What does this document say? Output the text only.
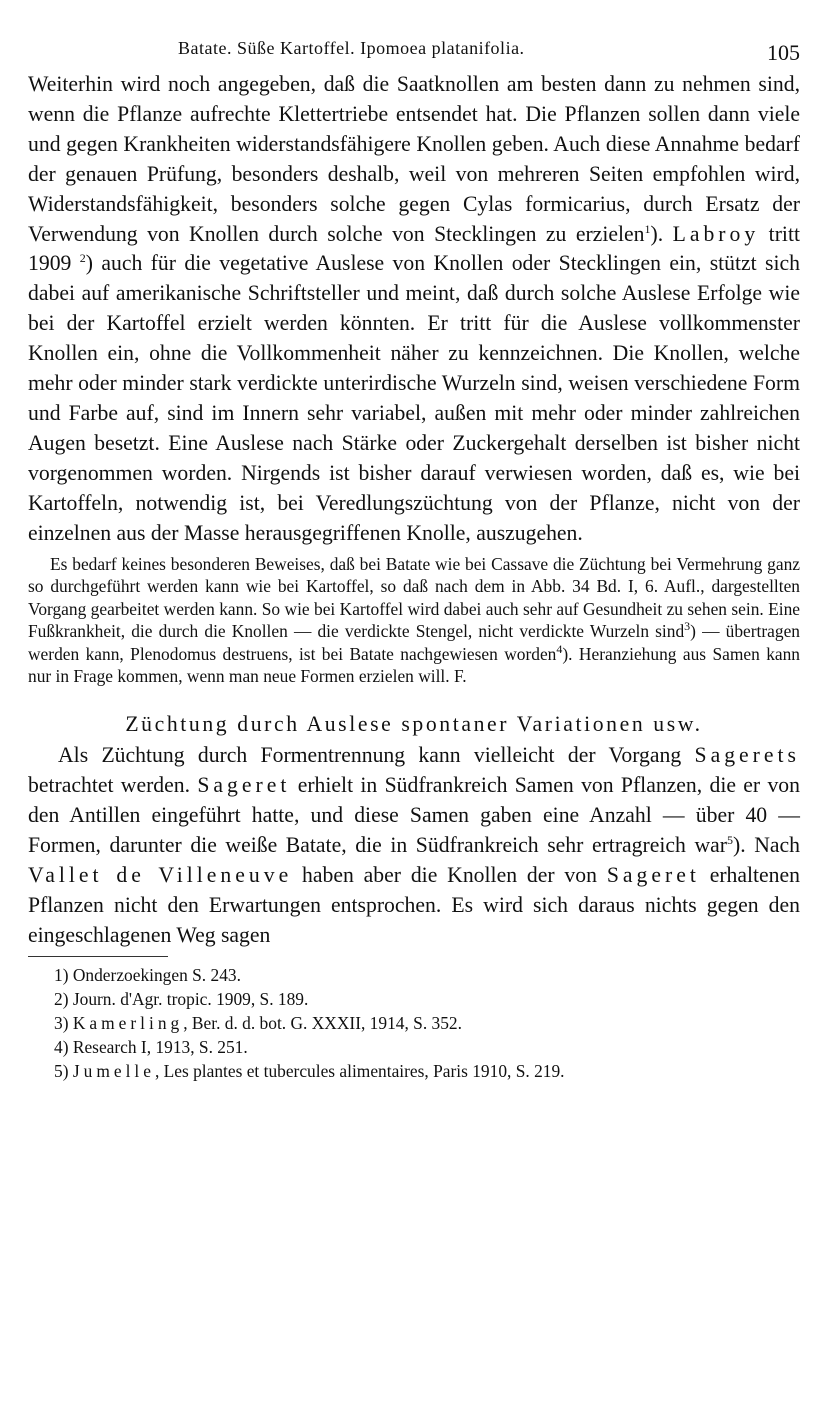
Batate. Süße Kartoffel. Ipomoea platanifolia.	105

Weiterhin wird noch angegeben, daß die Saatknollen am besten dann zu nehmen sind, wenn die Pflanze aufrechte Klettertriebe entsendet hat. Die Pflanzen sollen dann viele und gegen Krankheiten widerstandsfähigere Knollen geben. Auch diese Annahme bedarf der genauen Prüfung, besonders deshalb, weil von mehreren Seiten empfohlen wird, Widerstandsfähigkeit, besonders solche gegen Cylas formicarius, durch Ersatz der Verwendung von Knollen durch solche von Stecklingen zu erzielen$^1$). Labroy tritt 1909 $^2$) auch für die vegetative Auslese von Knollen oder Stecklingen ein, stützt sich dabei auf amerikanische Schriftsteller und meint, daß durch solche Auslese Erfolge wie bei der Kartoffel erzielt werden könnten. Er tritt für die Auslese vollkommenster Knollen ein, ohne die Vollkommenheit näher zu kennzeichnen. Die Knollen, welche mehr oder minder stark verdickte unterirdische Wurzeln sind, weisen verschiedene Form und Farbe auf, sind im Innern sehr variabel, außen mit mehr oder minder zahlreichen Augen besetzt. Eine Auslese nach Stärke oder Zuckergehalt derselben ist bisher nicht vorgenommen worden. Nirgends ist bisher darauf verwiesen worden, daß es, wie bei Kartoffeln, notwendig ist, bei Veredlungszüchtung von der Pflanze, nicht von der einzelnen aus der Masse herausgegriffenen Knolle, auszugehen.

Es bedarf keines besonderen Beweises, daß bei Batate wie bei Cassave die Züchtung bei Vermehrung ganz so durchgeführt werden kann wie bei Kartoffel, so daß nach dem in Abb. 34 Bd. I, 6. Aufl., dargestellten Vorgang gearbeitet werden kann. So wie bei Kartoffel wird dabei auch sehr auf Gesundheit zu sehen sein. Eine Fußkrankheit, die durch die Knollen — die verdickte Stengel, nicht verdickte Wurzeln sind$^3$) — übertragen werden kann, Plenodomus destruens, ist bei Batate nachgewiesen worden$^4$). Heranziehung aus Samen kann nur in Frage kommen, wenn man neue Formen erzielen will. F.
Züchtung durch Auslese spontaner Variationen usw.

Als Züchtung durch Formentrennung kann vielleicht der Vorgang Sagerets betrachtet werden. Sageret erhielt in Südfrankreich Samen von Pflanzen, die er von den Antillen eingeführt hatte, und diese Samen gaben eine Anzahl — über 40 — Formen, darunter die weiße Batate, die in Südfrankreich sehr ertragreich war$^5$). Nach Vallet de Villeneuve haben aber die Knollen der von Sageret erhaltenen Pflanzen nicht den Erwartungen entsprochen. Es wird sich daraus nichts gegen den eingeschlagenen Weg sagen

1) Onderzoekingen S. 243.
2) Journ. d'Agr. tropic. 1909, S. 189.
3) Kamerling, Ber. d. d. bot. G. XXXII, 1914, S. 352.
4) Research I, 1913, S. 251.
5) Jumelle, Les plantes et tubercules alimentaires, Paris 1910, S. 219.
